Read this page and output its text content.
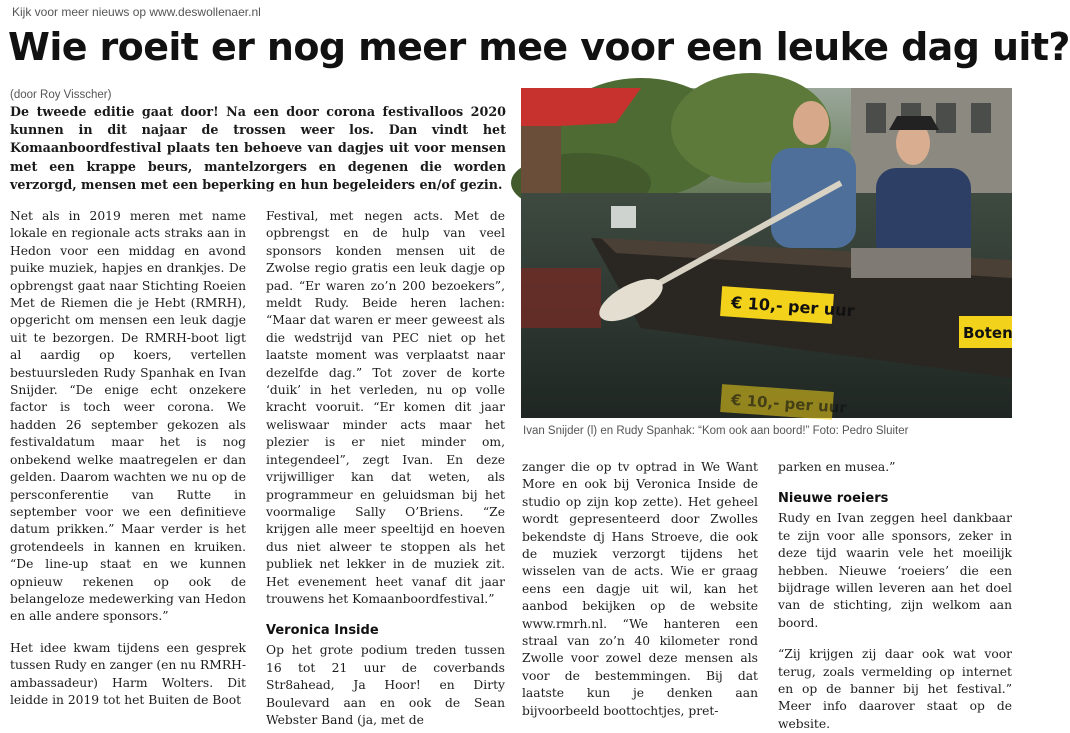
Kijk voor meer nieuws op www.deswollenaer.nl
Wie roeit er nog meer mee voor een leuke dag uit?
(door Roy Visscher)

De tweede editie gaat door! Na een door corona festivalloos 2020 kunnen in dit najaar de trossen weer los. Dan vindt het Komaanboordfestival plaats ten behoeve van dagjes uit voor mensen met een krappe beurs, mantelzorgers en degenen die worden verzorgd, mensen met een beperking en hun begeleiders en/of gezin.

Net als in 2019 meren met name lokale en regionale acts straks aan in Hedon voor een middag en avond puike muziek, hapjes en drankjes. De opbrengst gaat naar Stichting Roeien Met de Riemen die je Hebt (RMRH), opgericht om mensen een leuk dagje uit te bezorgen. De RMRH-boot ligt al aardig op koers, vertellen bestuursleden Rudy Spanhak en Ivan Snijder. “De enige echt onzekere factor is toch weer corona. We hadden 26 september gekozen als festivaldatum maar het is nog onbekend welke maatregelen er dan gelden. Daarom wachten we nu op de persconferentie van Rutte in september voor we een definitieve datum prikken.” Maar verder is het grotendeels in kannen en kruiken. “De line-up staat en we kunnen opnieuw rekenen op ook de belangeloze medewerking van Hedon en alle andere sponsors.”

Het idee kwam tijdens een gesprek tussen Rudy en zanger (en nu RMRH-ambassadeur) Harm Wolters. Dit leidde in 2019 tot het Buiten de Boot

Festival, met negen acts. Met de opbrengst en de hulp van veel sponsors konden mensen uit de Zwolse regio gratis een leuk dagje op pad. “Er waren zo’n 200 bezoekers”, meldt Rudy. Beide heren lachen: “Maar dat waren er meer geweest als die wedstrijd van PEC niet op het laatste moment was verplaatst naar dezelfde dag.” Tot zover de korte ‘duik’ in het verleden, nu op volle kracht vooruit. “Er komen dit jaar weliswaar minder acts maar het plezier is er niet minder om, integendeel”, zegt Ivan. En deze vrijwilliger kan dat weten, als programmeur en geluidsman bij het voormalige Sally O’Briens. “Ze krijgen alle meer speeltijd en hoeven dus niet alweer te stoppen als het publiek net lekker in de muziek zit. Het evenement heet vanaf dit jaar trouwens het Komaanboordfestival.”

Veronica Inside

Op het grote podium treden tussen 16 tot 21 uur de coverbands Str8ahead, Ja Hoor! en Dirty Boulevard aan en ook de Sean Webster Band (ja, met de

€ 10,- per uur
Boten
€ 10,- per uur
Ivan Snijder (l) en Rudy Spanhak: “Kom ook aan boord!” Foto: Pedro Sluiter

zanger die op tv optrad in We Want More en ook bij Veronica Inside de studio op zijn kop zette). Het geheel wordt gepresenteerd door Zwolles bekendste dj Hans Stroeve, die ook de muziek verzorgt tijdens het wisselen van de acts. Wie er graag eens een dagje uit wil, kan het aanbod bekijken op de website www.rmrh.nl. “We hanteren een straal van zo’n 40 kilometer rond Zwolle voor zowel deze mensen als voor de bestemmingen. Bij dat laatste kun je denken aan bijvoorbeeld boottochtjes, pret-

parken en musea.”

Nieuwe roeiers

Rudy en Ivan zeggen heel dankbaar te zijn voor alle sponsors, zeker in deze tijd waarin vele het moeilijk hebben. Nieuwe ‘roeiers’ die een bijdrage willen leveren aan het doel van de stichting, zijn welkom aan boord.

“Zij krijgen zij daar ook wat voor terug, zoals vermelding op internet en op de banner bij het festival.” Meer info daarover staat op de website.
